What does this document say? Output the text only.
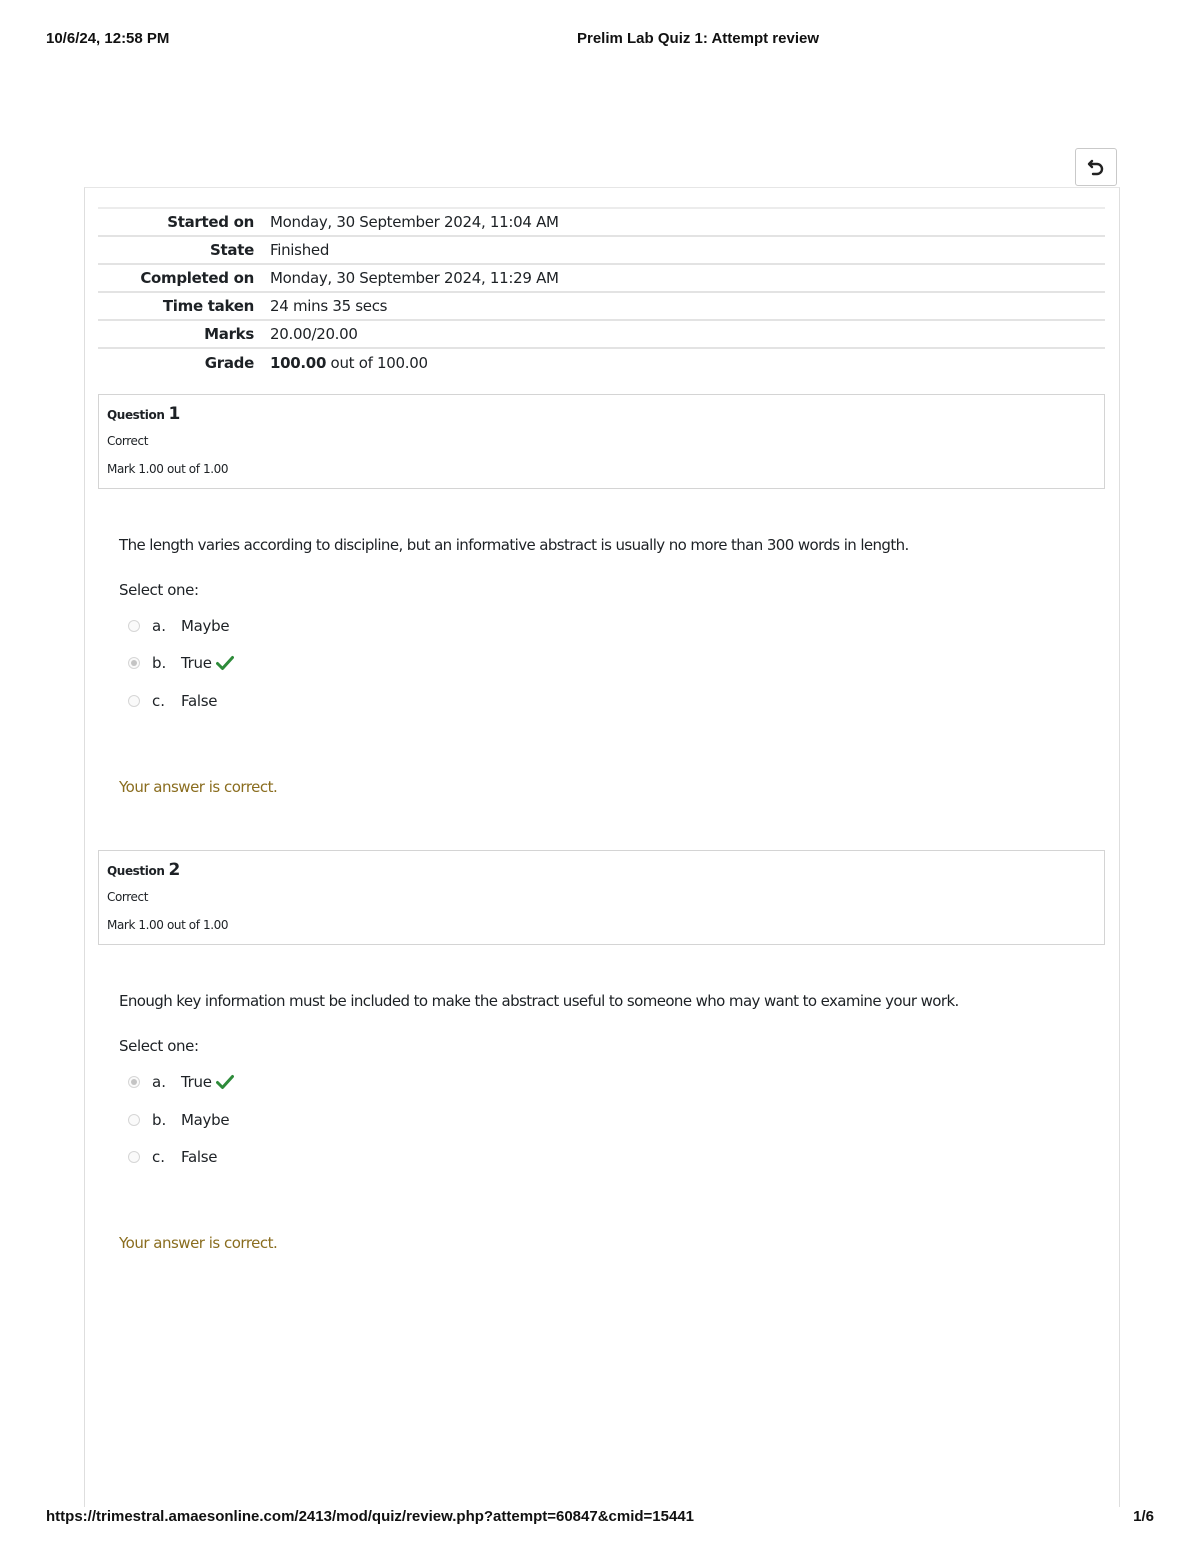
10/6/24, 12:58 PM	Prelim Lab Quiz 1: Attempt review
Started on	Monday, 30 September 2024, 11:04 AM
State	Finished
Completed on	Monday, 30 September 2024, 11:29 AM
Time taken	24 mins 35 secs
Marks	20.00/20.00
Grade	100.00 out of 100.00
Question 1
Correct
Mark 1.00 out of 1.00
The length varies according to discipline, but an informative abstract is usually no more than 300 words in length.
Select one:
a.	Maybe
b. True
c.	False
Your answer is correct.
Question 2
Correct
Mark 1.00 out of 1.00
Enough key information must be included to make the abstract useful to someone who may want to examine your work.
Select one:
a.	True
b. Maybe
c.	False
Your answer is correct.
https://trimestral.amaesonline.com/2413/mod/quiz/review.php?attempt=60847&cmid=15441	1/6
